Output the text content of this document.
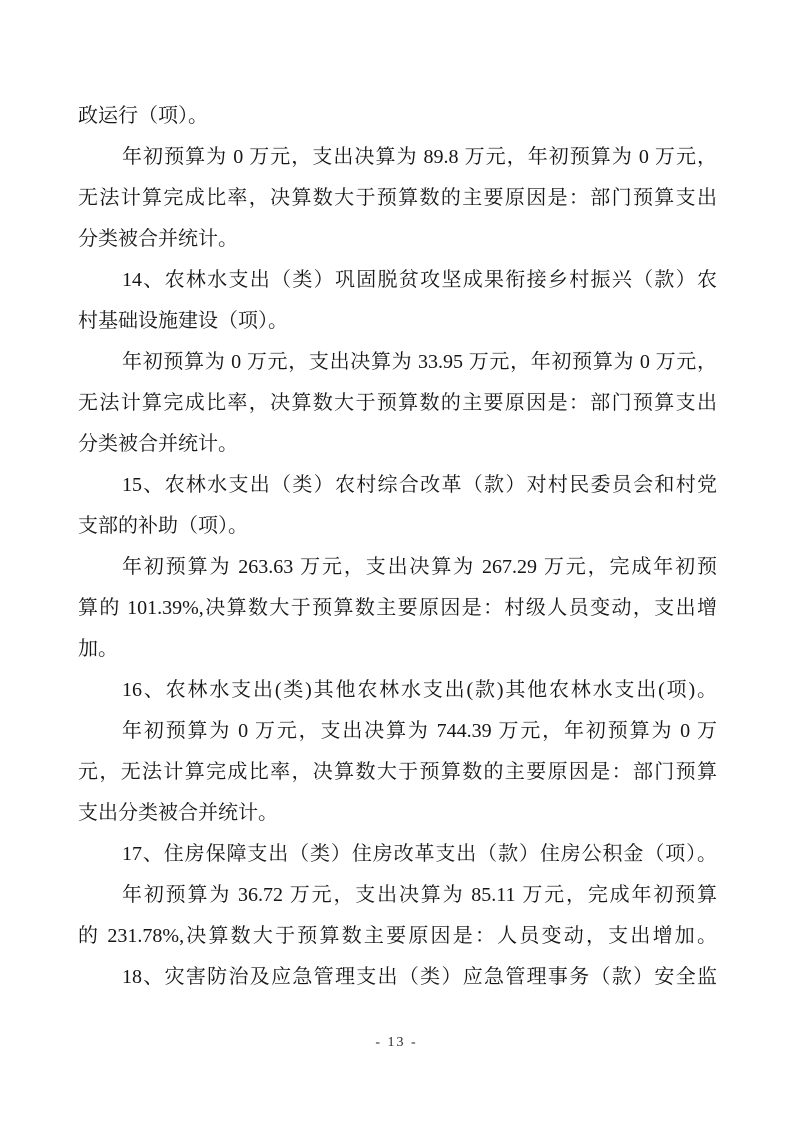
政运行（项）。
年初预算为 0 万元，支出决算为 89.8 万元，年初预算为 0 万元，
无法计算完成比率，决算数大于预算数的主要原因是：部门预算支出
分类被合并统计。
14、农林水支出（类）巩固脱贫攻坚成果衔接乡村振兴（款）农
村基础设施建设（项）。
年初预算为 0 万元，支出决算为 33.95 万元，年初预算为 0 万元，
无法计算完成比率，决算数大于预算数的主要原因是：部门预算支出
分类被合并统计。
15、农林水支出（类）农村综合改革（款）对村民委员会和村党
支部的补助（项）。
年初预算为 263.63 万元，支出决算为 267.29 万元，完成年初预
算的 101.39%,决算数大于预算数主要原因是：村级人员变动，支出增
加。
16、农林水支出(类)其他农林水支出(款)其他农林水支出(项)。
年初预算为 0 万元，支出决算为 744.39 万元，年初预算为 0 万
元，无法计算完成比率，决算数大于预算数的主要原因是：部门预算
支出分类被合并统计。
17、住房保障支出（类）住房改革支出（款）住房公积金（项）。
年初预算为 36.72 万元，支出决算为 85.11 万元，完成年初预算
的 231.78%,决算数大于预算数主要原因是：人员变动，支出增加。
18、灾害防治及应急管理支出（类）应急管理事务（款）安全监
- 13 -
